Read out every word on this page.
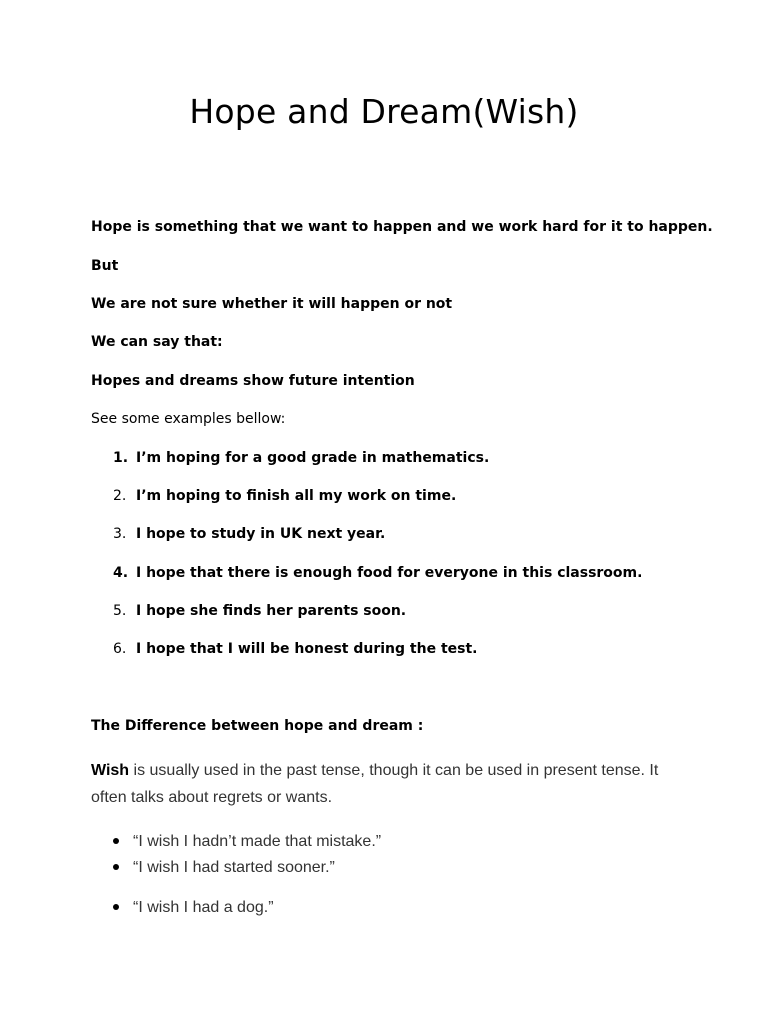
Hope and Dream(Wish)

Hope is something that we want to happen and we work hard for it to happen.

But

We are not sure whether it will happen or not

We can say that:

Hopes and dreams show future intention

See some examples bellow:

1. I’m hoping for a good grade in mathematics.

2. I’m hoping to finish all my work on time.

3. I hope to study in UK next year.

4. I hope that there is enough food for everyone in this classroom.

5. I hope she finds her parents soon.

6. I hope that I will be honest during the test.

The Difference between hope and dream :

Wish is usually used in the past tense, though it can be used in present tense. It often talks about regrets or wants.

“I wish I hadn’t made that mistake.”

“I wish I had started sooner.”

“I wish I had a dog.”
